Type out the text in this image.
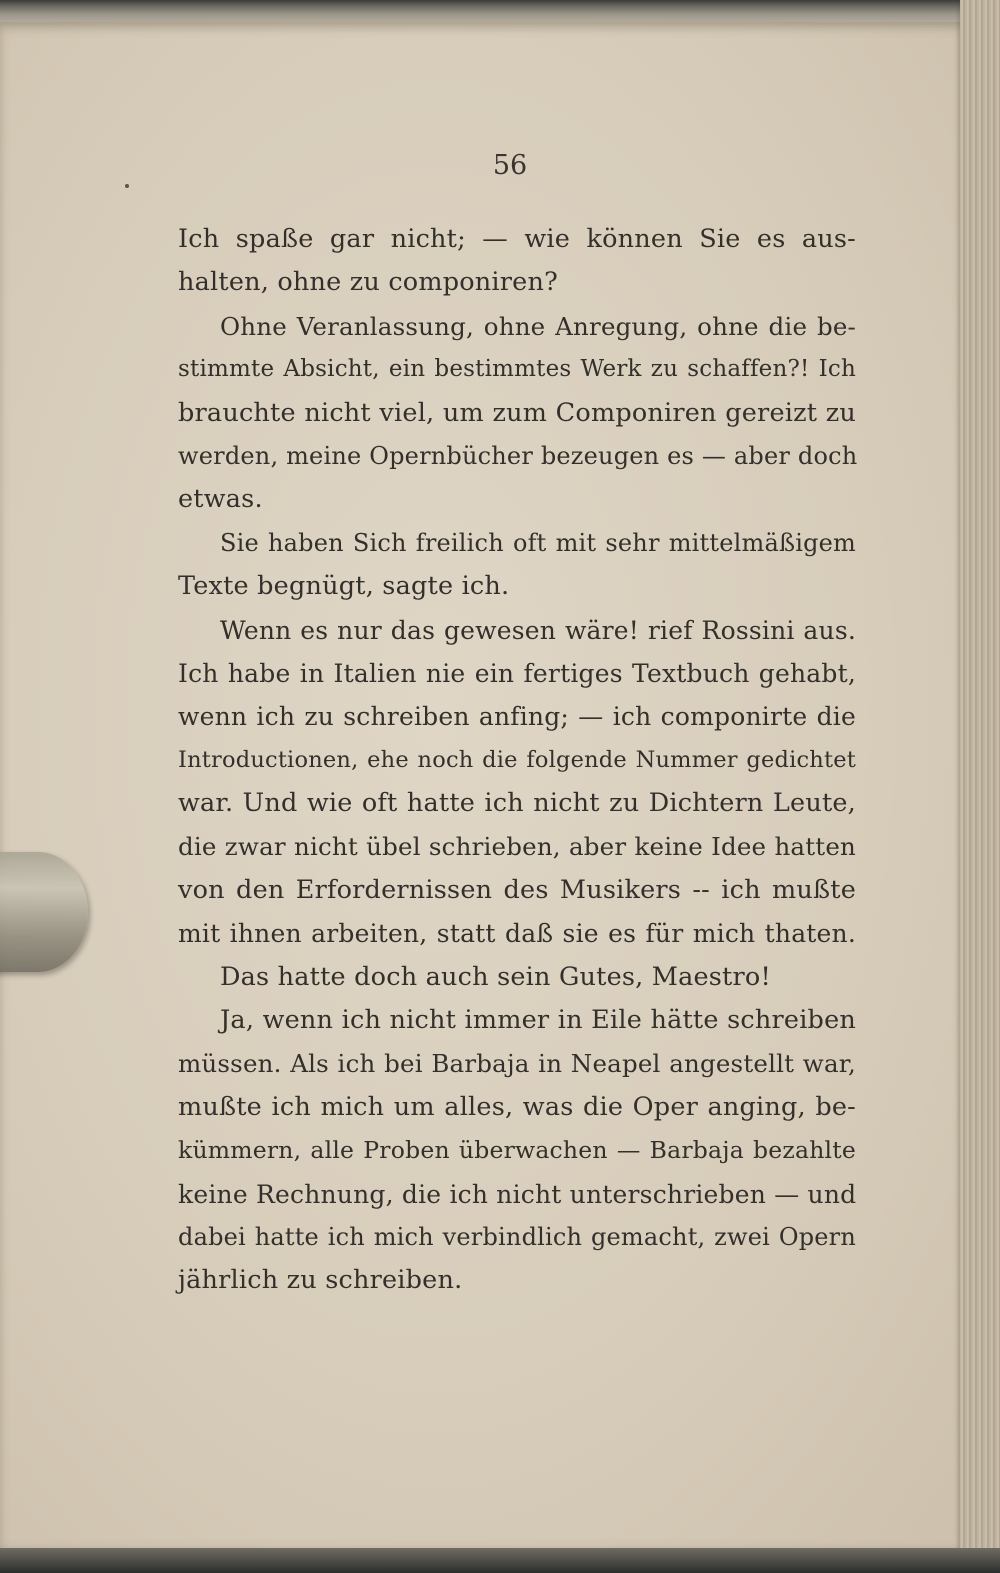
56
Ich spaße gar nicht; — wie können Sie es aus-
halten, ohne zu componiren?
Ohne Veranlassung, ohne Anregung, ohne die be-
stimmte Absicht, ein bestimmtes Werk zu schaffen?! Ich
brauchte nicht viel, um zum Componiren gereizt zu
werden, meine Opernbücher bezeugen es — aber doch
etwas.
Sie haben Sich freilich oft mit sehr mittelmäßigem
Texte begnügt, sagte ich.
Wenn es nur das gewesen wäre! rief Rossini aus.
Ich habe in Italien nie ein fertiges Textbuch gehabt,
wenn ich zu schreiben anfing; — ich componirte die
Introductionen, ehe noch die folgende Nummer gedichtet
war. Und wie oft hatte ich nicht zu Dichtern Leute,
die zwar nicht übel schrieben, aber keine Idee hatten
von den Erfordernissen des Musikers -- ich mußte
mit ihnen arbeiten, statt daß sie es für mich thaten.
Das hatte doch auch sein Gutes, Maestro!
Ja, wenn ich nicht immer in Eile hätte schreiben
müssen. Als ich bei Barbaja in Neapel angestellt war,
mußte ich mich um alles, was die Oper anging, be-
kümmern, alle Proben überwachen — Barbaja bezahlte
keine Rechnung, die ich nicht unterschrieben — und
dabei hatte ich mich verbindlich gemacht, zwei Opern
jährlich zu schreiben.
